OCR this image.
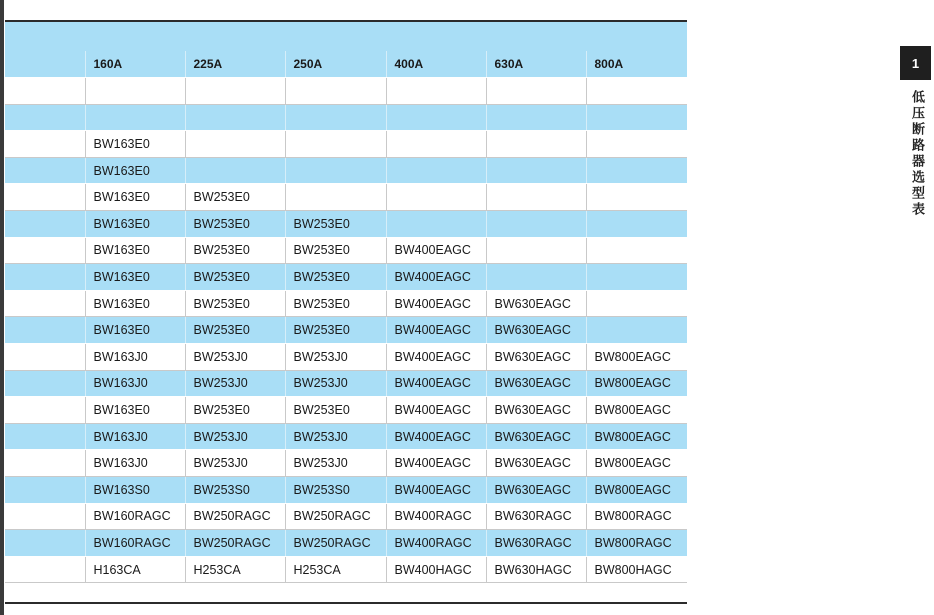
	160A	225A	250A	400A	630A	800A

	BW163E0					
	BW163E0					
	BW163E0	BW253E0				
	BW163E0	BW253E0	BW253E0			
	BW163E0	BW253E0	BW253E0	BW400EAGC		
	BW163E0	BW253E0	BW253E0	BW400EAGC		
	BW163E0	BW253E0	BW253E0	BW400EAGC	BW630EAGC	
	BW163E0	BW253E0	BW253E0	BW400EAGC	BW630EAGC	
	BW163J0	BW253J0	BW253J0	BW400EAGC	BW630EAGC	BW800EAGC
	BW163J0	BW253J0	BW253J0	BW400EAGC	BW630EAGC	BW800EAGC
	BW163E0	BW253E0	BW253E0	BW400EAGC	BW630EAGC	BW800EAGC
	BW163J0	BW253J0	BW253J0	BW400EAGC	BW630EAGC	BW800EAGC
	BW163J0	BW253J0	BW253J0	BW400EAGC	BW630EAGC	BW800EAGC
	BW163S0	BW253S0	BW253S0	BW400EAGC	BW630EAGC	BW800EAGC
	BW160RAGC	BW250RAGC	BW250RAGC	BW400RAGC	BW630RAGC	BW800RAGC
	BW160RAGC	BW250RAGC	BW250RAGC	BW400RAGC	BW630RAGC	BW800RAGC
	H163CA	H253CA	H253CA	BW400HAGC	BW630HAGC	BW800HAGC
1
低压断路器选型表
